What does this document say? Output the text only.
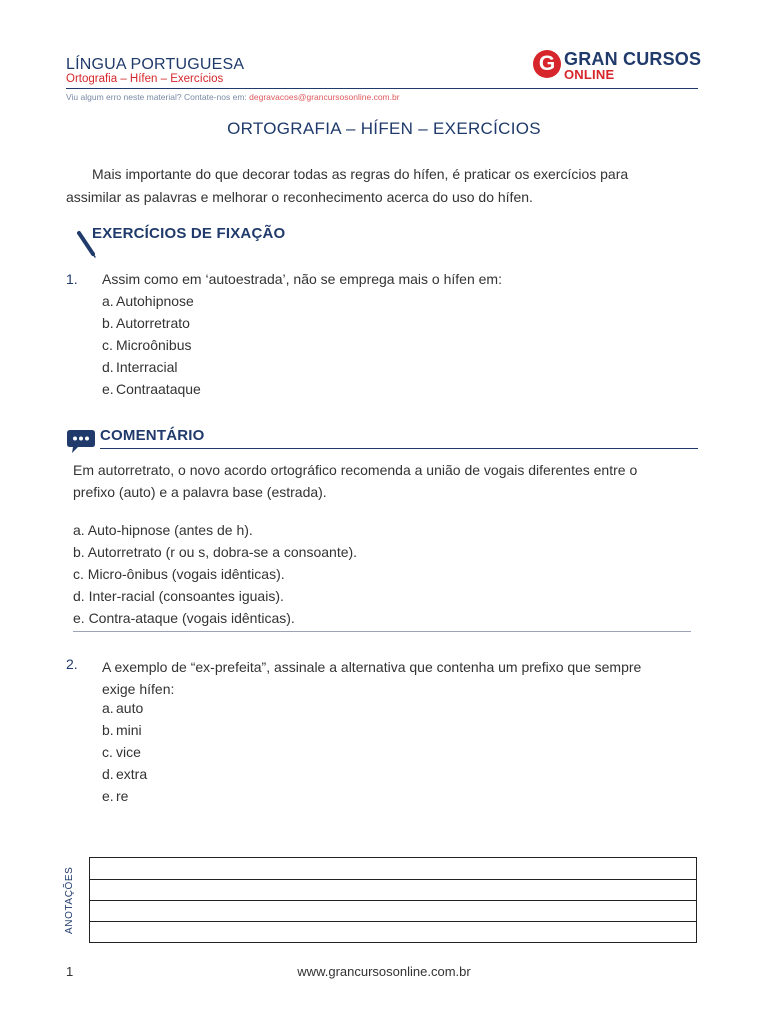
LÍNGUA PORTUGUESA
Ortografia – Hífen – Exercícios
Viu algum erro neste material? Contate-nos em: degravacoes@grancursosonline.com.br
G GRAN CURSOS
ONLINE
ORTOGRAFIA – HÍFEN – EXERCÍCIOS
Mais importante do que decorar todas as regras do hífen, é praticar os exercícios para
assimilar as palavras e melhorar o reconhecimento acerca do uso do hífen.
EXERCÍCIOS DE FIXAÇÃO
1. Assim como em ‘autoestrada’, não se emprega mais o hífen em:
a. Autohipnose
b. Autorretrato
c. Microônibus
d. Interracial
e. Contraataque
COMENTÁRIO
Em autorretrato, o novo acordo ortográfico recomenda a união de vogais diferentes entre o
prefixo (auto) e a palavra base (estrada).
a. Auto-hipnose (antes de h).
b. Autorretrato (r ou s, dobra-se a consoante).
c. Micro-ônibus (vogais idênticas).
d. Inter-racial (consoantes iguais).
e. Contra-ataque (vogais idênticas).
2. A exemplo de “ex-prefeita”, assinale a alternativa que contenha um prefixo que sempre
exige hífen:
a. auto
b. mini
c. vice
d. extra
e. re
ANOTAÇÕES
1	www.grancursosonline.com.br
